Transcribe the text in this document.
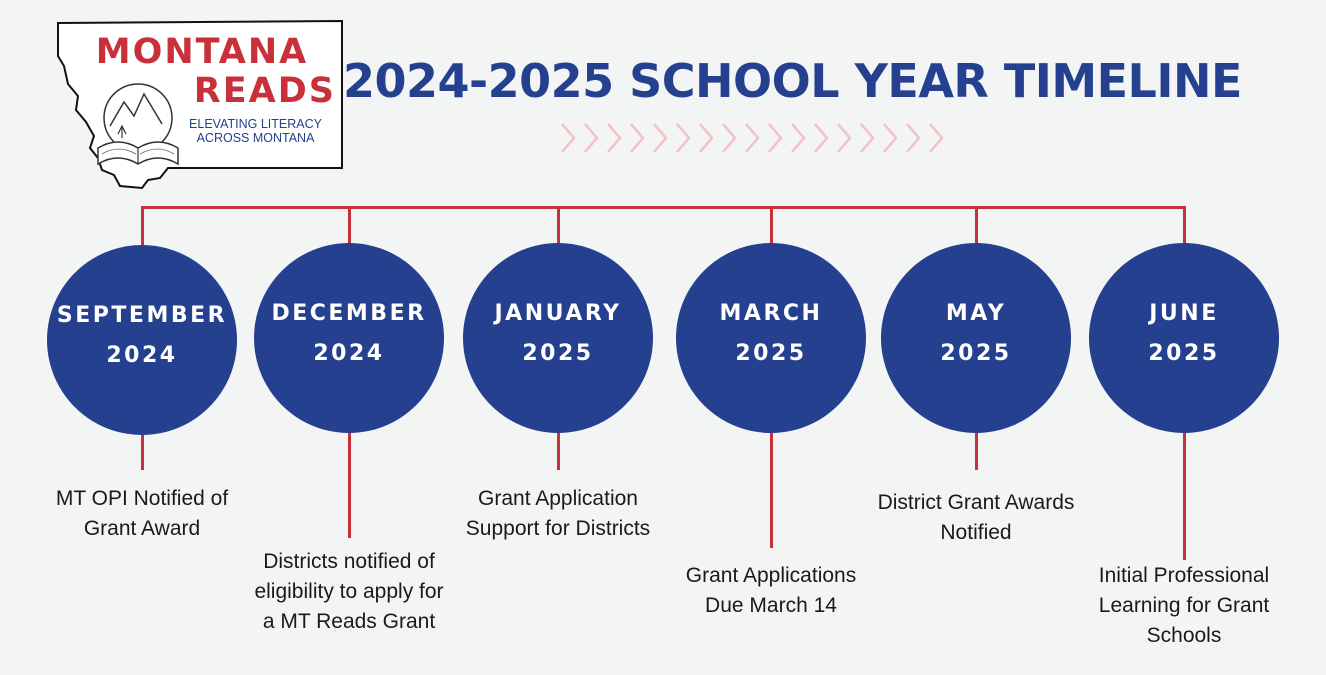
MONTANA
READS
ELEVATING LITERACY
ACROSS MONTANA
2024-2025 SCHOOL YEAR TIMELINE
SEPTEMBER
2024
MT OPI Notified of
Grant Award
DECEMBER
2024
Districts notified of
eligibility to apply for
a MT Reads Grant
JANUARY
2025
Grant Application
Support for Districts
MARCH
2025
Grant Applications
Due March 14
MAY
2025
District Grant Awards
Notified
JUNE
2025
Initial Professional
Learning for Grant
Schools
